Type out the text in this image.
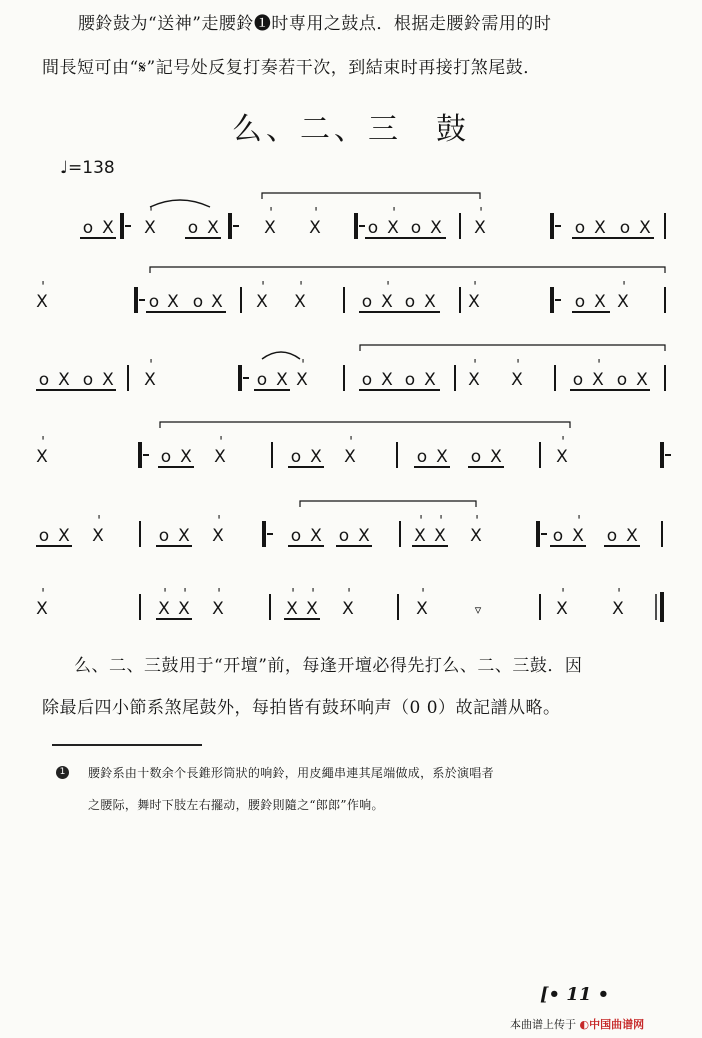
腰鈴鼓为“送神”走腰鈴❶时専用之鼓点．根据走腰鈴需用的时
間長短可由“𝄋”記号处反复打奏若干次，到結束时再接打煞尾鼓．
么、二、三　鼓
♩=138
o X X
'
o X	X
'
X
'
o X
'
o X X
'
o X o X
X
'
o X o X X
'
X
'
o X
'
o X X
'
o X X
'
o X o X X
'
o X X
'
o X o X X
'
X
'
o X
'
o X
X
'
o X X
'
o X X
'
o X o X	X
'
o X X
'
o X X
'
o X o X	X
'
X
'
X
'
o X
'
o X
X
'
X
'
X
'
X
'
X
'
X
'
X
'
X
'
▿	X
'
X
'
么、二、三鼓用于“开壇”前，每逢开壇必得先打么、二、三鼓．因
除最后四小節系煞尾鼓外，每拍皆有鼓环响声（0 0）故記譜从略。
1	腰鈴系由十数余个長錐形筒狀的响鈴，用皮繩串連其尾端做成，系於演唱者
之腰际，舞时下肢左右擺动，腰鈴則隨之“郎郎”作响。
[• 11 •
本曲谱上传于 ◐中国曲谱网
